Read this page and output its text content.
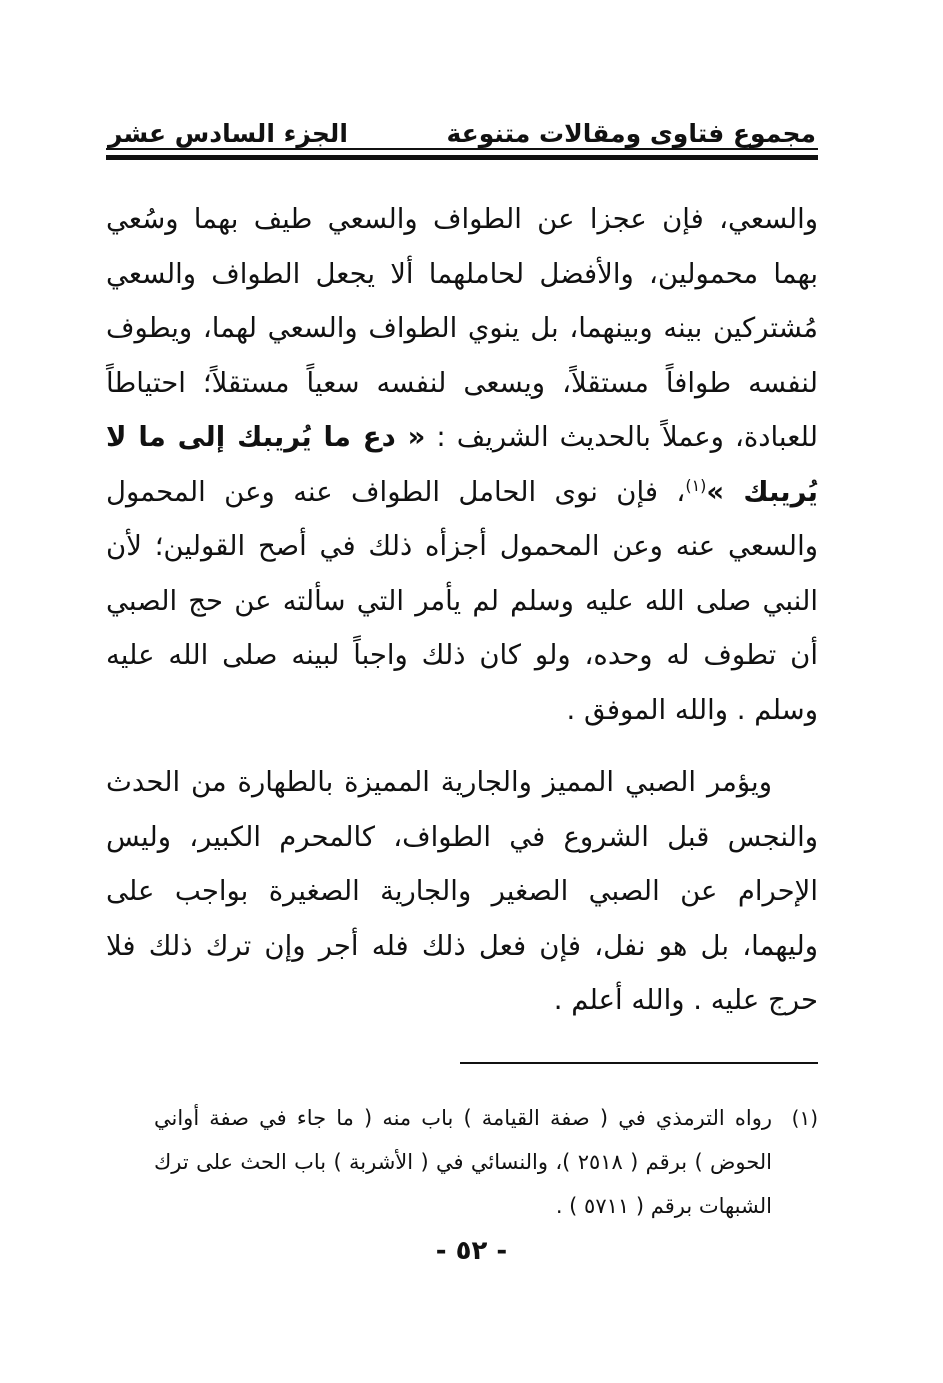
مجموع فتاوى ومقالات متنوعة
الجزء السادس عشر

والسعي، فإن عجزا عن الطواف والسعي طيف بهما وسُعي بهما محمولين، والأفضل لحاملهما ألا يجعل الطواف والسعي مُشتركين بينه وبينهما، بل ينوي الطواف والسعي لهما، ويطوف لنفسه طوافاً مستقلاً، ويسعى لنفسه سعياً مستقلاً؛ احتياطاً للعبادة، وعملاً بالحديث الشريف : « دع ما يُريبك إلى ما لا يُريبك »$^{(١)}$، فإن نوى الحامل الطواف عنه وعن المحمول والسعي عنه وعن المحمول أجزأه ذلك في أصح القولين؛ لأن النبي صلى الله عليه وسلم لم يأمر التي سألته عن حج الصبي أن تطوف له وحده، ولو كان ذلك واجباً لبينه صلى الله عليه وسلم . والله الموفق .

ويؤمر الصبي المميز والجارية المميزة بالطهارة من الحدث والنجس قبل الشروع في الطواف، كالمحرم الكبير، وليس الإحرام عن الصبي الصغير والجارية الصغيرة بواجب على وليهما، بل هو نفل، فإن فعل ذلك فله أجر وإن ترك ذلك فلا حرج عليه . والله أعلم .

(١)

رواه الترمذي في ( صفة القيامة ) باب منه ( ما جاء في صفة أواني الحوض ) برقم ( ٢٥١٨ )، والنسائي في ( الأشربة ) باب الحث على ترك الشبهات برقم ( ٥٧١١ ) .

- ٥٢ -
